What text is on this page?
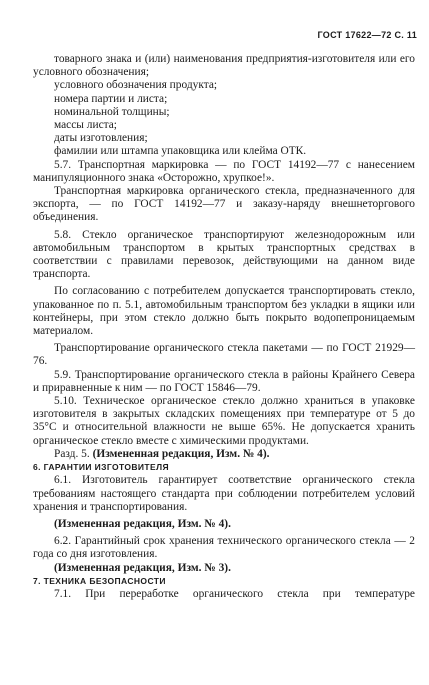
ГОСТ 17622—72 С. 11

товарного знака и (или) наименования предприятия-изготовителя или его условного обозначения;

условного обозначения продукта;

номера партии и листа;

номинальной толщины;

массы листа;

даты изготовления;

фамилии или штампа упаковщика или клейма ОТК.

5.7. Транспортная маркировка — по ГОСТ 14192—77 с нанесением манипуляционного знака «Осторожно, хрупкое!».

Транспортная маркировка органического стекла, предназначенного для экспорта, — по ГОСТ 14192—77 и заказу-наряду внешнеторгового объединения.

5.8. Стекло органическое транспортируют железнодорожным или автомобильным транспортом в крытых транспортных средствах в соответствии с правилами перевозок, действующими на данном виде транспорта.

По согласованию с потребителем допускается транспортировать стекло, упакованное по п. 5.1, автомобильным транспортом без укладки в ящики или контейнеры, при этом стекло должно быть покрыто водопепроницаемым материалом.

Транспортирование органического стекла пакетами — по ГОСТ 21929—76.

5.9. Транспортирование органического стекла в районы Крайнего Севера и приравненные к ним — по ГОСТ 15846—79.

5.10. Техническое органическое стекло должно храниться в упаковке изготовителя в закрытых складских помещениях при температуре от 5 до 35°С и относительной влажности не выше 65%. Не допускается хранить органическое стекло вместе с химическими продуктами.

Разд. 5. (Измененная редакция, Изм. № 4).

6. ГАРАНТИИ ИЗГОТОВИТЕЛЯ

6.1. Изготовитель гарантирует соответствие органического стекла требованиям настоящего стандарта при соблюдении потребителем условий хранения и транспортирования.

(Измененная редакция, Изм. № 4).

6.2. Гарантийный срок хранения технического органического стекла — 2 года со дня изготовления.

(Измененная редакция, Изм. № 3).

7. ТЕХНИКА БЕЗОПАСНОСТИ

7.1. При переработке органического стекла при температуре
